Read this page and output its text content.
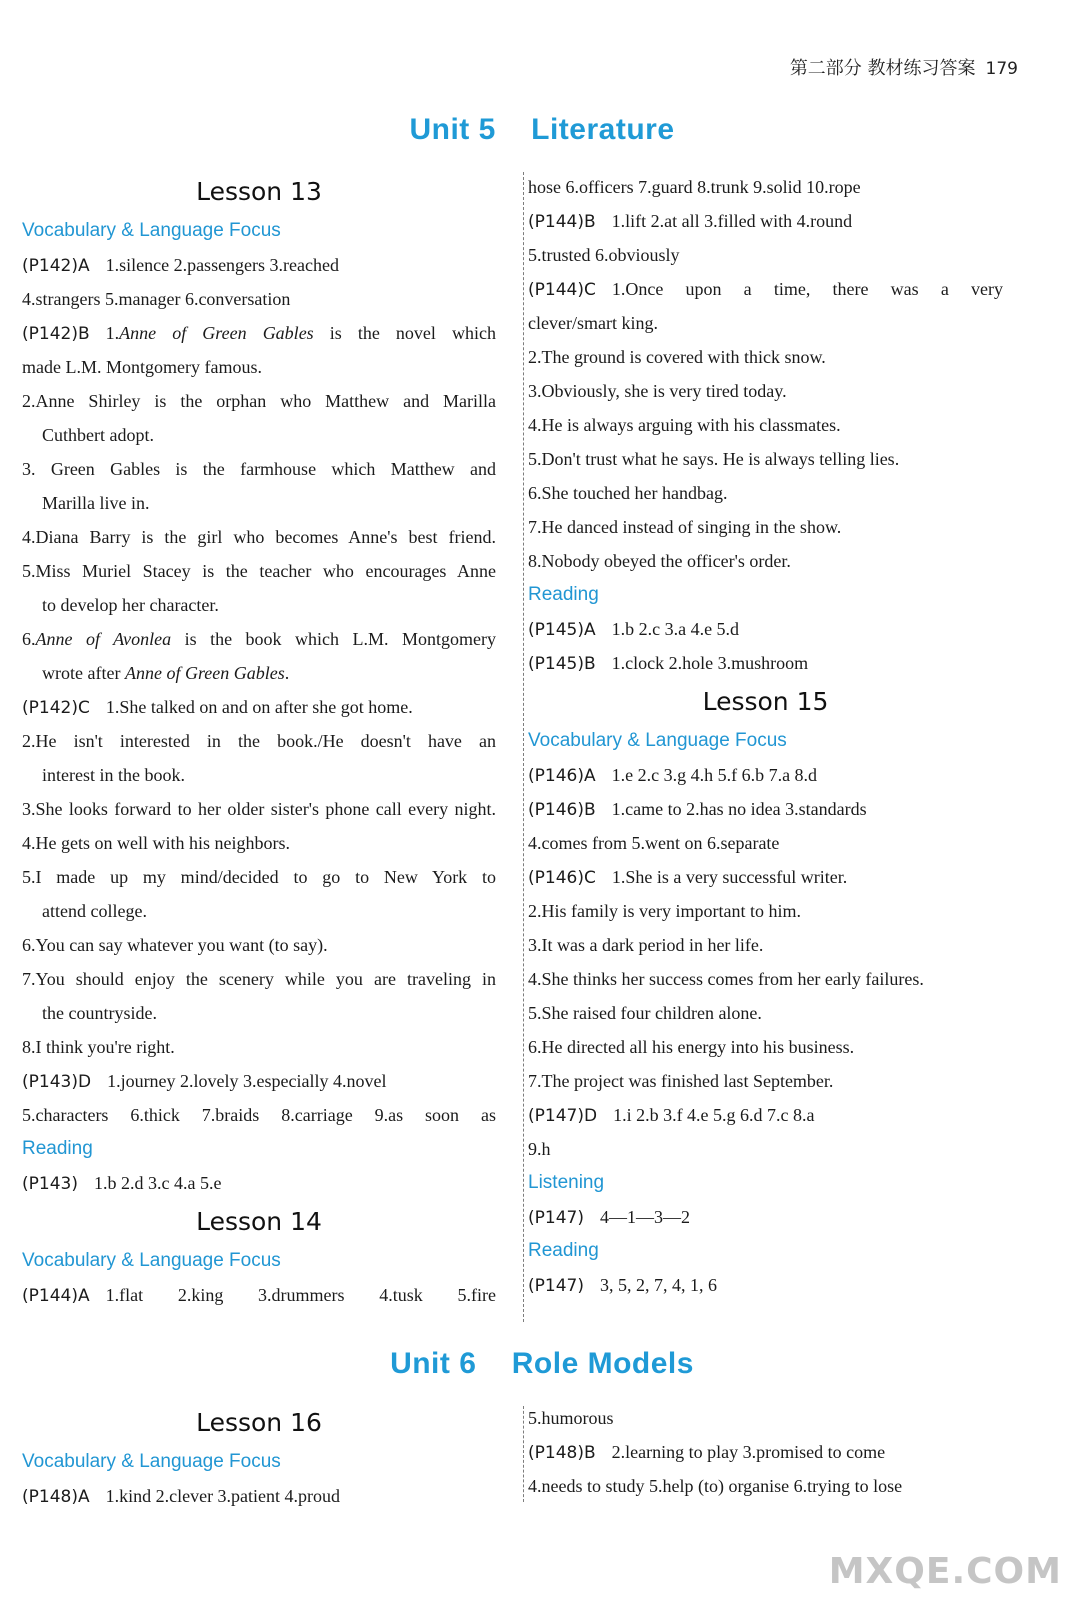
第二部分 教材练习答案 179
Unit 5    Literature
Unit 6    Role Models
Lesson 13
Vocabulary & Language Focus
(P142)A 1.silence 2.passengers 3.reached
4.strangers 5.manager 6.conversation
(P142)B 1.Anne of Green Gables is the novel which
made L.M. Montgomery famous.
2.Anne Shirley is the orphan who Matthew and Marilla
Cuthbert adopt.
3. Green Gables is the farmhouse which Matthew and
Marilla live in.
4.Diana Barry is the girl who becomes Anne's best friend.
5.Miss Muriel Stacey is the teacher who encourages Anne
to develop her character.
6.Anne of Avonlea is the book which L.M. Montgomery
wrote after Anne of Green Gables.
(P142)C 1.She talked on and on after she got home.
2.He isn't interested in the book./He doesn't have an
interest in the book.
3.She looks forward to her older sister's phone call every night.
4.He gets on well with his neighbors.
5.I made up my mind/decided to go to New York to
attend college.
6.You can say whatever you want (to say).
7.You should enjoy the scenery while you are traveling in
the countryside.
8.I think you're right.
(P143)D 1.journey 2.lovely 3.especially 4.novel
5.characters 6.thick 7.braids 8.carriage 9.as soon as
Reading
(P143) 1.b 2.d 3.c 4.a 5.e
Lesson 14
Vocabulary & Language Focus
(P144)A 1.flat 2.king 3.drummers 4.tusk 5.fire
hose 6.officers 7.guard 8.trunk 9.solid 10.rope
(P144)B 1.lift 2.at all 3.filled with 4.round
5.trusted 6.obviously
(P144)C 1.Once upon a time, there was a very
clever/smart king.
2.The ground is covered with thick snow.
3.Obviously, she is very tired today.
4.He is always arguing with his classmates.
5.Don't trust what he says. He is always telling lies.
6.She touched her handbag.
7.He danced instead of singing in the show.
8.Nobody obeyed the officer's order.
Reading
(P145)A 1.b 2.c 3.a 4.e 5.d
(P145)B 1.clock 2.hole 3.mushroom
Lesson 15
Vocabulary & Language Focus
(P146)A 1.e 2.c 3.g 4.h 5.f 6.b 7.a 8.d
(P146)B 1.came to 2.has no idea 3.standards
4.comes from 5.went on 6.separate
(P146)C 1.She is a very successful writer.
2.His family is very important to him.
3.It was a dark period in her life.
4.She thinks her success comes from her early failures.
5.She raised four children alone.
6.He directed all his energy into his business.
7.The project was finished last September.
(P147)D 1.i 2.b 3.f 4.e 5.g 6.d 7.c 8.a
9.h
Listening
(P147) 4—1—3—2
Reading
(P147) 3, 5, 2, 7, 4, 1, 6
Lesson 16
Vocabulary & Language Focus
(P148)A 1.kind 2.clever 3.patient 4.proud
5.humorous
(P148)B 2.learning to play 3.promised to come
4.needs to study 5.help (to) organise 6.trying to lose
MXQE.COM
